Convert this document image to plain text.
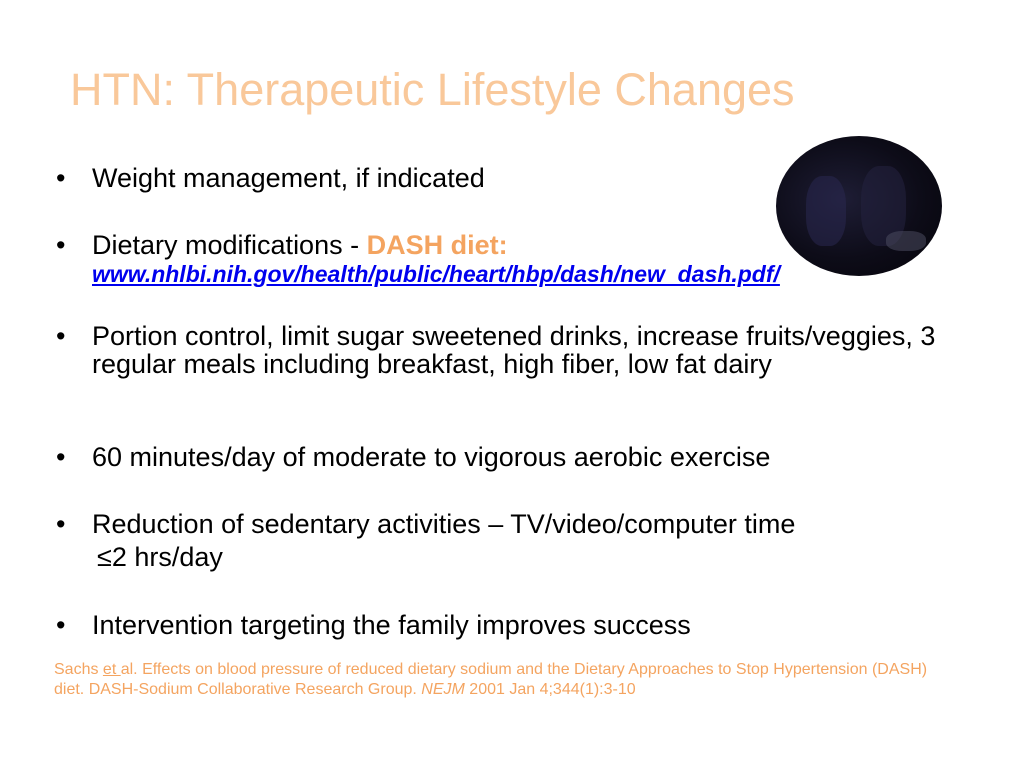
HTN: Therapeutic Lifestyle Changes
• Weight management, if indicated
• Dietary modifications - DASH diet:
www.nhlbi.nih.gov/health/public/heart/hbp/dash/new_dash.pdf/
• Portion control, limit sugar sweetened drinks, increase fruits/veggies, 3 regular meals including breakfast, high fiber, low fat dairy
• 60 minutes/day of moderate to vigorous aerobic exercise
• Reduction of sedentary activities – TV/video/computer time
≤2 hrs/day
• Intervention targeting the family improves success
Sachs et al. Effects on blood pressure of reduced dietary sodium and the Dietary Approaches to Stop Hypertension (DASH) diet. DASH-Sodium Collaborative Research Group. NEJM 2001 Jan 4;344(1):3-10
